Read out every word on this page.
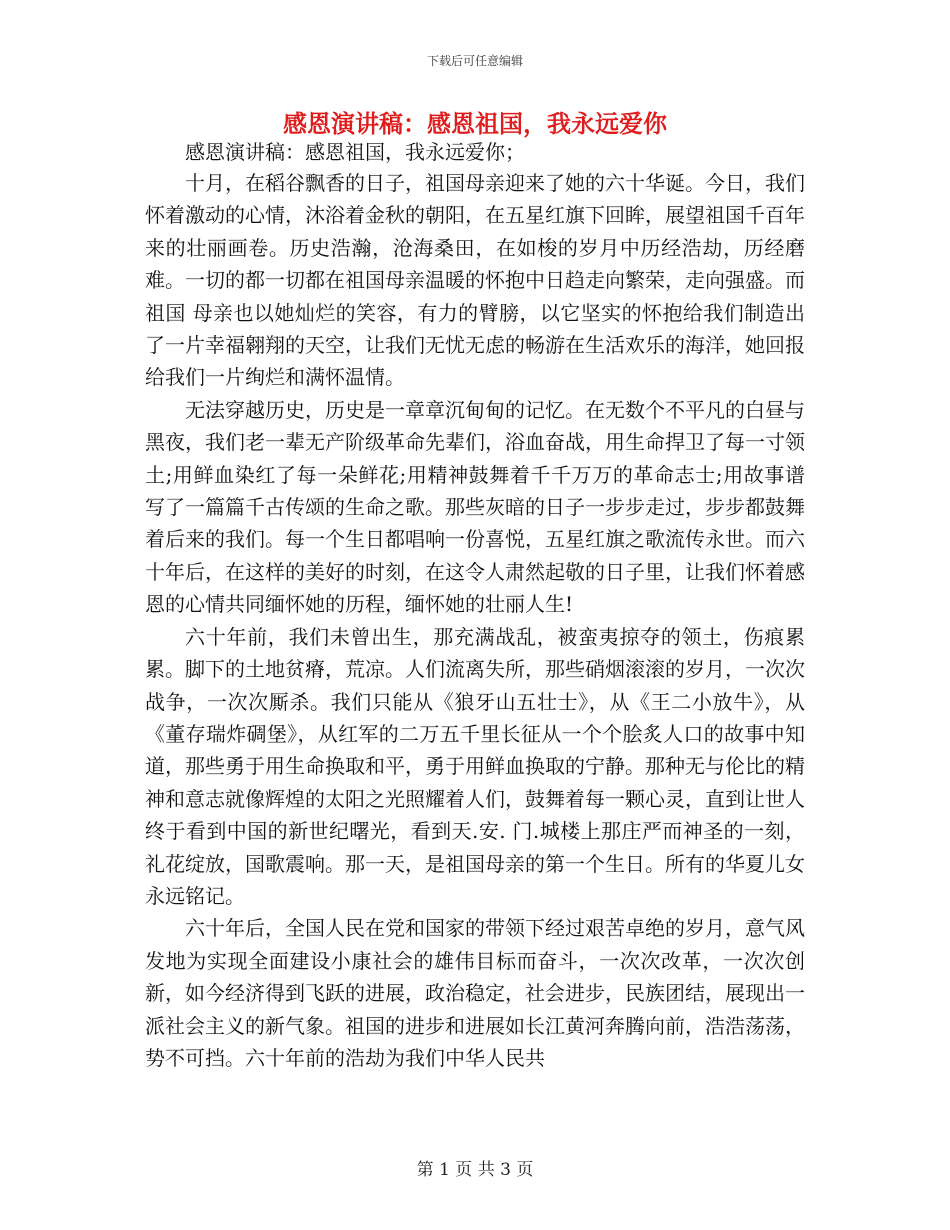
下载后可任意编辑
感恩演讲稿：感恩祖国，我永远爱你

感恩演讲稿：感恩祖国，我永远爱你；

十月，在稻谷飘香的日子，祖国母亲迎来了她的六十华诞。今日，我们怀着激动的心情，沐浴着金秋的朝阳，在五星红旗下回眸，展望祖国千百年来的壮丽画卷。历史浩瀚，沧海桑田，在如梭的岁月中历经浩劫，历经磨难。一切的都一切都在祖国母亲温暖的怀抱中日趋走向繁荣，走向强盛。而祖国 母亲也以她灿烂的笑容，有力的臂膀，以它坚实的怀抱给我们制造出了一片幸福翱翔的天空，让我们无忧无虑的畅游在生活欢乐的海洋，她回报给我们一片绚烂和满怀温情。

无法穿越历史，历史是一章章沉甸甸的记忆。在无数个不平凡的白昼与黑夜，我们老一辈无产阶级革命先辈们，浴血奋战，用生命捍卫了每一寸领土;用鲜血染红了每一朵鲜花;用精神鼓舞着千千万万的革命志士;用故事谱写了一篇篇千古传颂的生命之歌。那些灰暗的日子一步步走过，步步都鼓舞着后来的我们。每一个生日都唱响一份喜悦，五星红旗之歌流传永世。而六十年后，在这样的美好的时刻，在这令人肃然起敬的日子里，让我们怀着感恩的心情共同缅怀她的历程，缅怀她的壮丽人生!

六十年前，我们未曾出生，那充满战乱，被蛮夷掠夺的领土，伤痕累累。脚下的土地贫瘠，荒凉。人们流离失所，那些硝烟滚滚的岁月，一次次战争，一次次厮杀。我们只能从《狼牙山五壮士》，从《王二小放牛》，从《董存瑞炸碉堡》，从红军的二万五千里长征从一个个脍炙人口的故事中知道，那些勇于用生命换取和平，勇于用鲜血换取的宁静。那种无与伦比的精神和意志就像辉煌的太阳之光照耀着人们，鼓舞着每一颗心灵，直到让世人终于看到中国的新世纪曙光，看到天.安. 门.城楼上那庄严而神圣的一刻，礼花绽放，国歌震响。那一天，是祖国母亲的第一个生日。所有的华夏儿女永远铭记。

六十年后，全国人民在党和国家的带领下经过艰苦卓绝的岁月，意气风发地为实现全面建设小康社会的雄伟目标而奋斗，一次次改革，一次次创新，如今经济得到飞跃的进展，政治稳定，社会进步，民族团结，展现出一派社会主义的新气象。祖国的进步和进展如长江黄河奔腾向前，浩浩荡荡，势不可挡。六十年前的浩劫为我们中华人民共

第 1 页 共 3 页
